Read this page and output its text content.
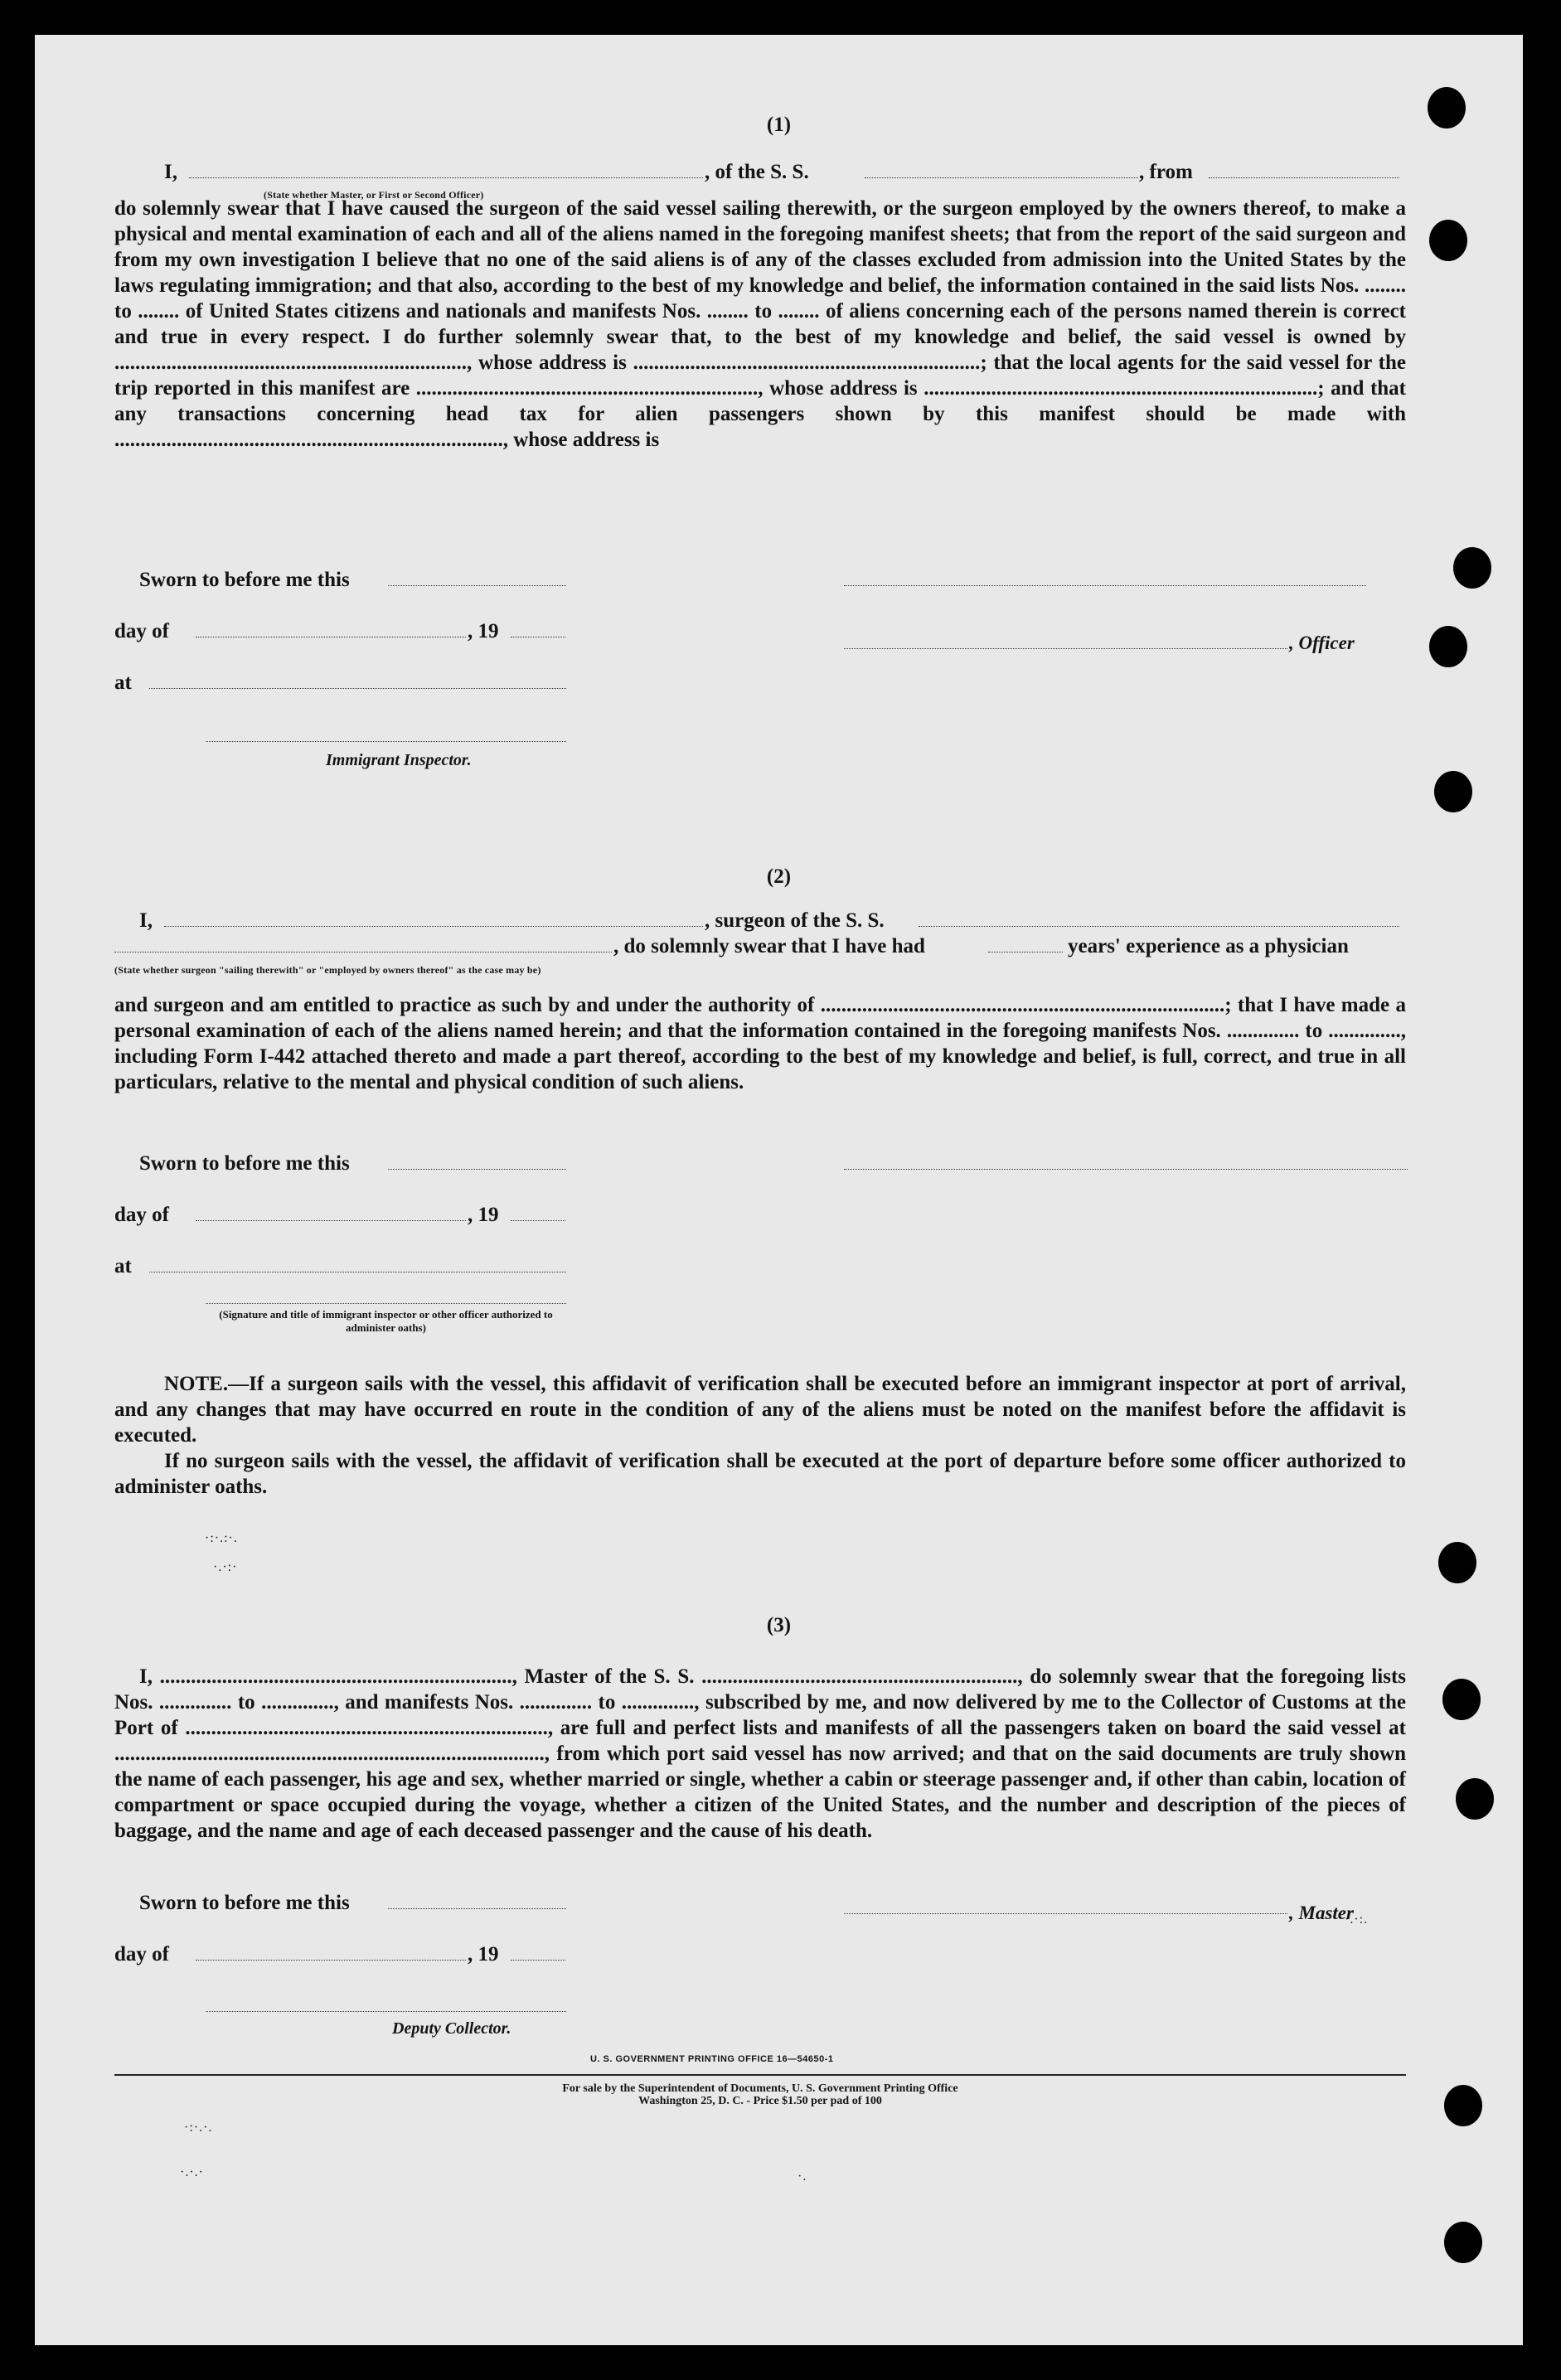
(1)
I,	, of the S. S.	, from
(State whether Master, or First or Second Officer)
do solemnly swear that I have caused the surgeon of the said vessel sailing therewith, or the surgeon employed by the owners thereof, to make a physical and mental examination of each and all of the aliens named in the foregoing manifest sheets; that from the report of the said surgeon and from my own investigation I believe that no one of the said aliens is of any of the classes excluded from admission into the United States by the laws regulating immigration; and that also, according to the best of my knowledge and belief, the information contained in the said lists Nos. ........ to ........ of United States citizens and nationals and manifests Nos. ........ to ........ of aliens concerning each of the persons named therein is correct and true in every respect. I do further solemnly swear that, to the best of my knowledge and belief, the said vessel is owned by ...................................................................., whose address is ...................................................................; that the local agents for the said vessel for the trip reported in this manifest are .................................................................., whose address is ............................................................................; and that any transactions concerning head tax for alien passengers shown by this manifest should be made with ..........................................................................., whose address is
Sworn to before me this
day of	, 19
, Officer
at
Immigrant Inspector.
(2)
I,	, surgeon of the S. S.
, do solemnly swear that I have had	years' experience as a physician
(State whether surgeon "sailing therewith" or "employed by owners thereof" as the case may be)
and surgeon and am entitled to practice as such by and under the authority of ..............................................................................; that I have made a personal examination of each of the aliens named herein; and that the information contained in the foregoing manifests Nos. .............. to .............., including Form I-442 attached thereto and made a part thereof, according to the best of my knowledge and belief, is full, correct, and true in all particulars, relative to the mental and physical condition of such aliens.
Sworn to before me this
day of	, 19
at
(Signature and title of immigrant inspector or other officer authorized to administer oaths)
NOTE.—If a surgeon sails with the vessel, this affidavit of verification shall be executed before an immigrant inspector at port of arrival, and any changes that may have occurred en route in the condition of any of the aliens must be noted on the manifest before the affidavit is executed.
If no surgeon sails with the vessel, the affidavit of verification shall be executed at the port of departure before some officer authorized to administer oaths.
(3)
I, ...................................................................., Master of the S. S. ............................................................., do solemnly swear that the foregoing lists Nos. .............. to .............., and manifests Nos. .............. to .............., subscribed by me, and now delivered by me to the Collector of Customs at the Port of ......................................................................, are full and perfect lists and manifests of all the passengers taken on board the said vessel at ..................................................................................., from which port said vessel has now arrived; and that on the said documents are truly shown the name of each passenger, his age and sex, whether married or single, whether a cabin or steerage passenger and, if other than cabin, location of compartment or space occupied during the voyage, whether a citizen of the United States, and the number and description of the pieces of baggage, and the name and age of each deceased passenger and the cause of his death.
Sworn to before me this	, Master
day of	, 19
Deputy Collector.
U. S. GOVERNMENT PRINTING OFFICE 16—54650-1
For sale by the Superintendent of Documents, U. S. Government Printing Office
Washington 25, D. C. - Price $1.50 per pad of 100
·:·.:·.
·.·:·
·.·:.
·:·.·.
·.·.·	·.
